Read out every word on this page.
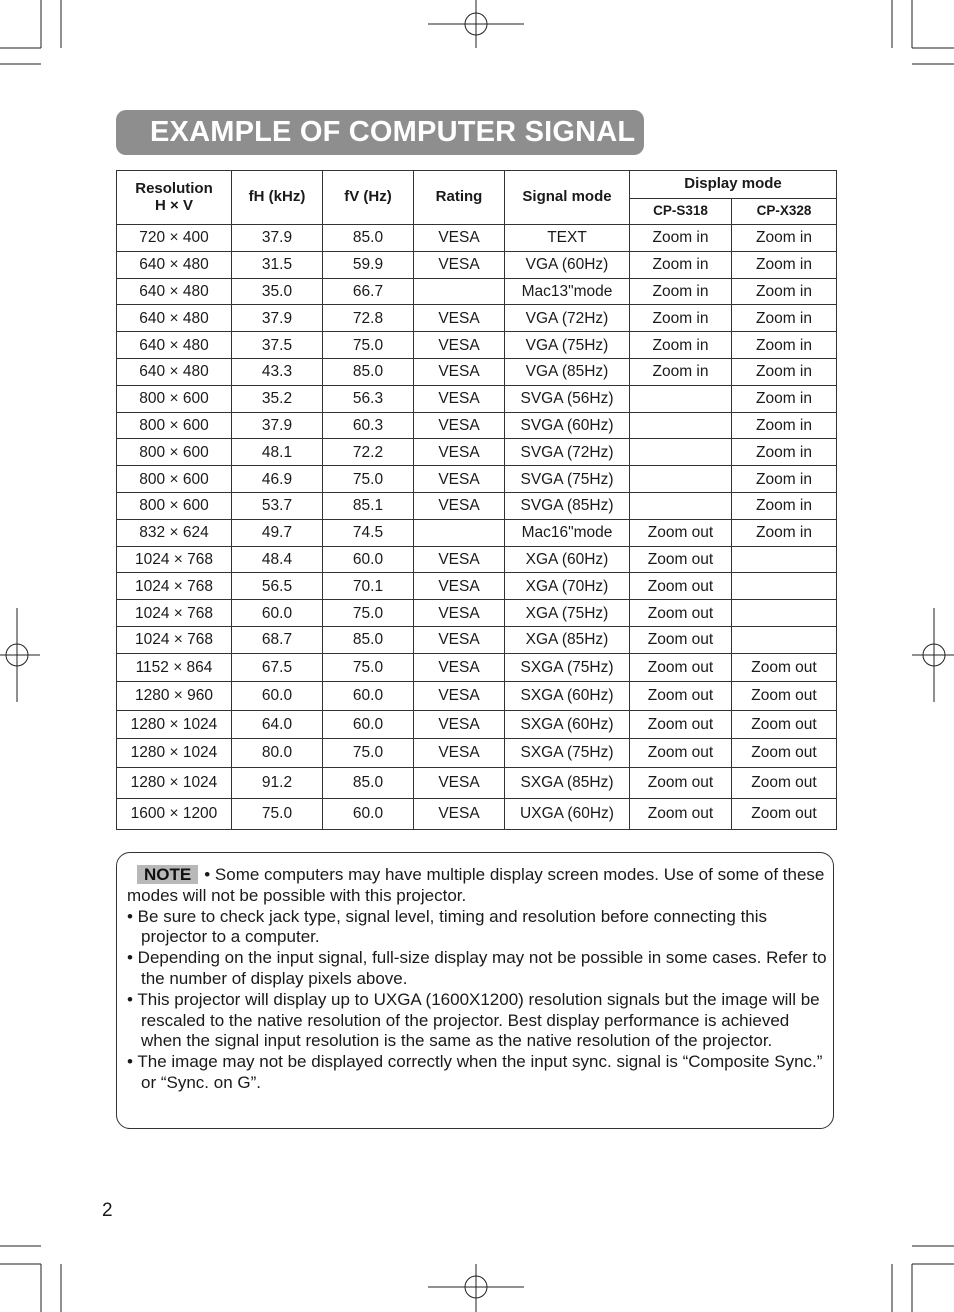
EXAMPLE OF COMPUTER SIGNAL
Resolution
H × V	fH (kHz)	fV (Hz)	Rating	Signal mode	Display mode	
					CP-S318	CP-X328
720 × 400	37.9	85.0	VESA	TEXT	Zoom in	Zoom in
640 × 480	31.5	59.9	VESA	VGA (60Hz)	Zoom in	Zoom in
640 × 480	35.0	66.7		Mac13"mode	Zoom in	Zoom in
640 × 480	37.9	72.8	VESA	VGA (72Hz)	Zoom in	Zoom in
640 × 480	37.5	75.0	VESA	VGA (75Hz)	Zoom in	Zoom in
640 × 480	43.3	85.0	VESA	VGA (85Hz)	Zoom in	Zoom in
800 × 600	35.2	56.3	VESA	SVGA (56Hz)		Zoom in
800 × 600	37.9	60.3	VESA	SVGA (60Hz)		Zoom in
800 × 600	48.1	72.2	VESA	SVGA (72Hz)		Zoom in
800 × 600	46.9	75.0	VESA	SVGA (75Hz)		Zoom in
800 × 600	53.7	85.1	VESA	SVGA (85Hz)		Zoom in
832 × 624	49.7	74.5		Mac16"mode	Zoom out	Zoom in
1024 × 768	48.4	60.0	VESA	XGA (60Hz)	Zoom out	
1024 × 768	56.5	70.1	VESA	XGA (70Hz)	Zoom out	
1024 × 768	60.0	75.0	VESA	XGA (75Hz)	Zoom out	
1024 × 768	68.7	85.0	VESA	XGA (85Hz)	Zoom out	
1152 × 864	67.5	75.0	VESA	SXGA (75Hz)	Zoom out	Zoom out
1280 × 960	60.0	60.0	VESA	SXGA (60Hz)	Zoom out	Zoom out
1280 × 1024	64.0	60.0	VESA	SXGA (60Hz)	Zoom out	Zoom out
1280 × 1024	80.0	75.0	VESA	SXGA (75Hz)	Zoom out	Zoom out
1280 × 1024	91.2	85.0	VESA	SXGA (85Hz)	Zoom out	Zoom out
1600 × 1200	75.0	60.0	VESA	UXGA (60Hz)	Zoom out	Zoom out

NOTE • Some computers may have multiple display screen modes. Use of some of these modes will not be possible with this projector.

• Be sure to check jack type, signal level, timing and resolution before connecting this projector to a computer.

• Depending on the input signal, full-size display may not be possible in some cases. Refer to the number of display pixels above.

• This projector will display up to UXGA (1600X1200) resolution signals but the image will be rescaled to the native resolution of the projector. Best display performance is achieved when the signal input resolution is the same as the native resolution of the projector.

• The image may not be displayed correctly when the input sync. signal is “Composite Sync.” or “Sync. on G”.

2
